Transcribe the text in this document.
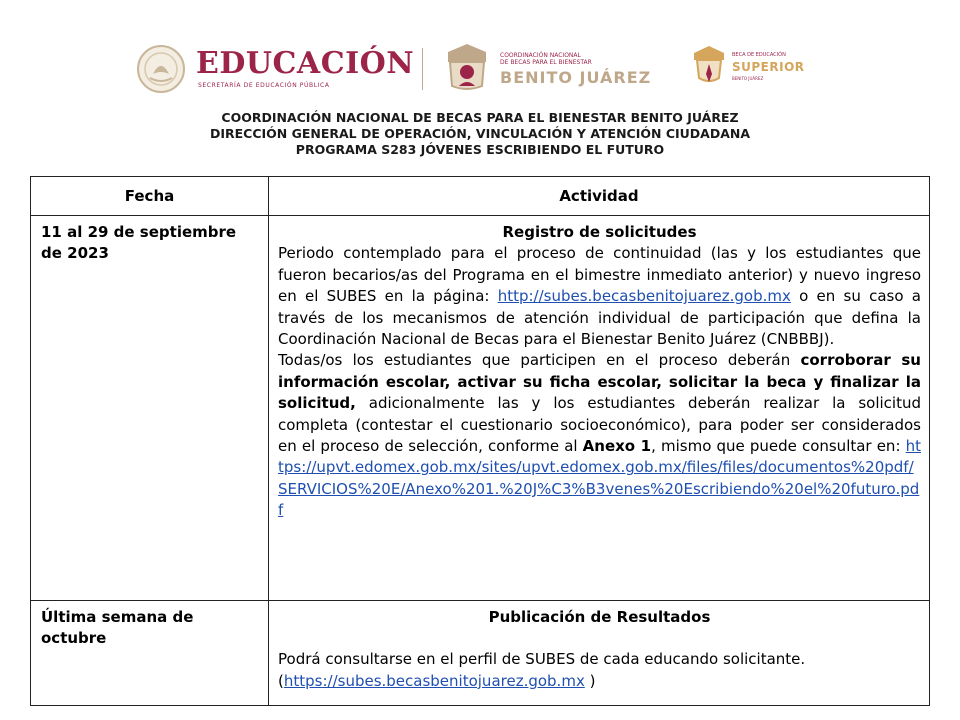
EDUCACIÓN
SECRETARÍA DE EDUCACIÓN PÚBLICA
COORDINACIÓN NACIONAL
DE BECAS PARA EL BIENESTAR
BENITO JUÁREZ
BECA DE EDUCACIÓN
SUPERIOR
BENITO JUÁREZ
COORDINACIÓN NACIONAL DE BECAS PARA EL BIENESTAR BENITO JUÁREZ
DIRECCIÓN GENERAL DE OPERACIÓN, VINCULACIÓN Y ATENCIÓN CIUDADANA
PROGRAMA S283 JÓVENES ESCRIBIENDO EL FUTURO
Fecha	Actividad
11 al 29 de septiembre de 2023	Registro de solicitudes
Periodo contemplado para el proceso de continuidad (las y los estudiantes que fueron becarios/as del Programa en el bimestre inmediato anterior) y nuevo ingreso en el SUBES en la página: http://subes.becasbenitojuarez.gob.mx o en su caso a través de los mecanismos de atención individual de participación que defina la Coordinación Nacional de Becas para el Bienestar Benito Juárez (CNBBBJ).
Todas/os los estudiantes que participen en el proceso deberán corroborar su información escolar, activar su ficha escolar, solicitar la beca y finalizar la solicitud, adicionalmente las y los estudiantes deberán realizar la solicitud completa (contestar el cuestionario socioeconómico), para poder ser considerados en el proceso de selección, conforme al Anexo 1, mismo que puede consultar en: https://upvt.edomex.gob.mx/sites/upvt.edomex.gob.mx/files/files/documentos%20pdf/SERVICIOS%20E/Anexo%201.%20J%C3%B3venes%20Escribiendo%20el%20futuro.pdf

Última semana de octubre	Publicación de Resultados
Podrá consultarse en el perfil de SUBES de cada educando solicitante.
(https://subes.becasbenitojuarez.gob.mx )
